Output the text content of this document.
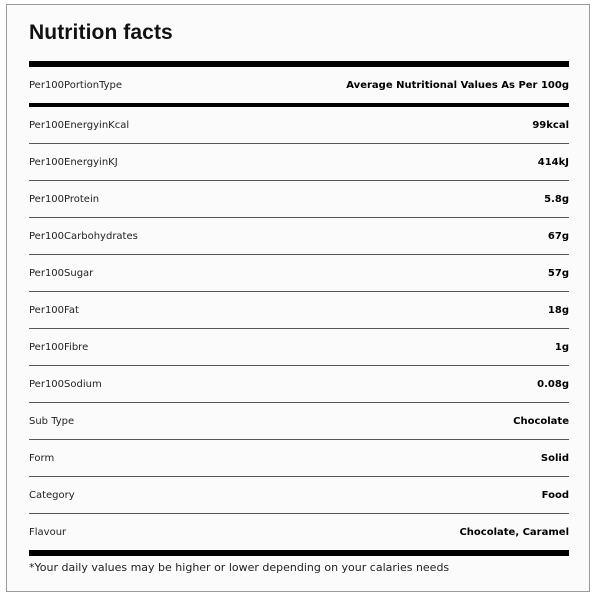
Nutrition facts
Per100PortionType	Average Nutritional Values As Per 100g
Per100EnergyinKcal	99kcal
Per100EnergyinKJ	414kJ
Per100Protein	5.8g
Per100Carbohydrates	67g
Per100Sugar	57g
Per100Fat	18g
Per100Fibre	1g
Per100Sodium	0.08g
Sub Type	Chocolate
Form	Solid
Category	Food
Flavour	Chocolate, Caramel
*Your daily values may be higher or lower depending on your calaries needs
